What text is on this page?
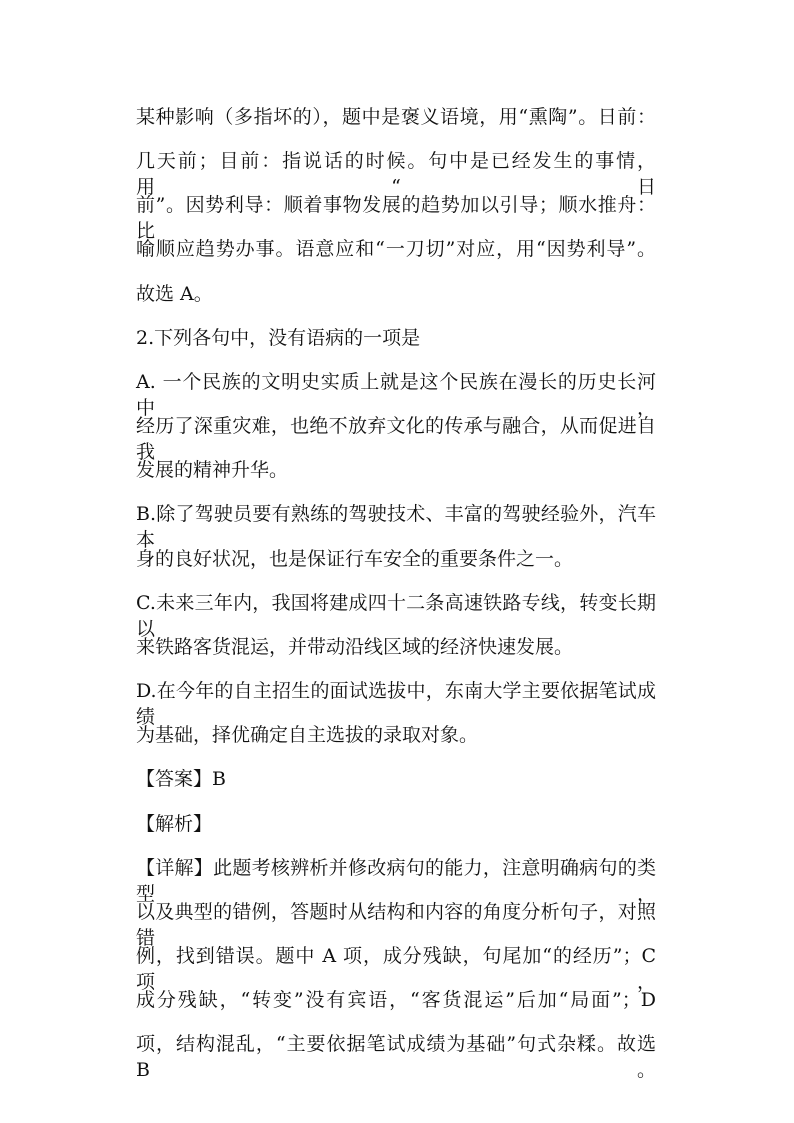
某种影响（多指坏的），题中是褒义语境，用“熏陶”。日前：
几天前；目前：指说话的时候。句中是已经发生的事情，用“日
前”。因势利导：顺着事物发展的趋势加以引导；顺水推舟：比
喻顺应趋势办事。语意应和“一刀切”对应，用“因势利导”。
故选 A。
2.下列各句中，没有语病的一项是
A. 一个民族的文明史实质上就是这个民族在漫长的历史长河中，
经历了深重灾难，也绝不放弃文化的传承与融合，从而促进自我
发展的精神升华。
B.除了驾驶员要有熟练的驾驶技术、丰富的驾驶经验外，汽车本
身的良好状况，也是保证行车安全的重要条件之一。
C.未来三年内，我国将建成四十二条高速铁路专线，转变长期以
来铁路客货混运，并带动沿线区域的经济快速发展。
D.在今年的自主招生的面试选拔中，东南大学主要依据笔试成绩
为基础，择优确定自主选拔的录取对象。
【答案】B
【解析】
【详解】此题考核辨析并修改病句的能力，注意明确病句的类型，
以及典型的错例，答题时从结构和内容的角度分析句子，对照错
例，找到错误。题中 A 项，成分残缺，句尾加“的经历”；C 项，
成分残缺，“转变”没有宾语，“客货混运”后加“局面”；D
项，结构混乱，“主要依据笔试成绩为基础”句式杂糅。故选 B。
